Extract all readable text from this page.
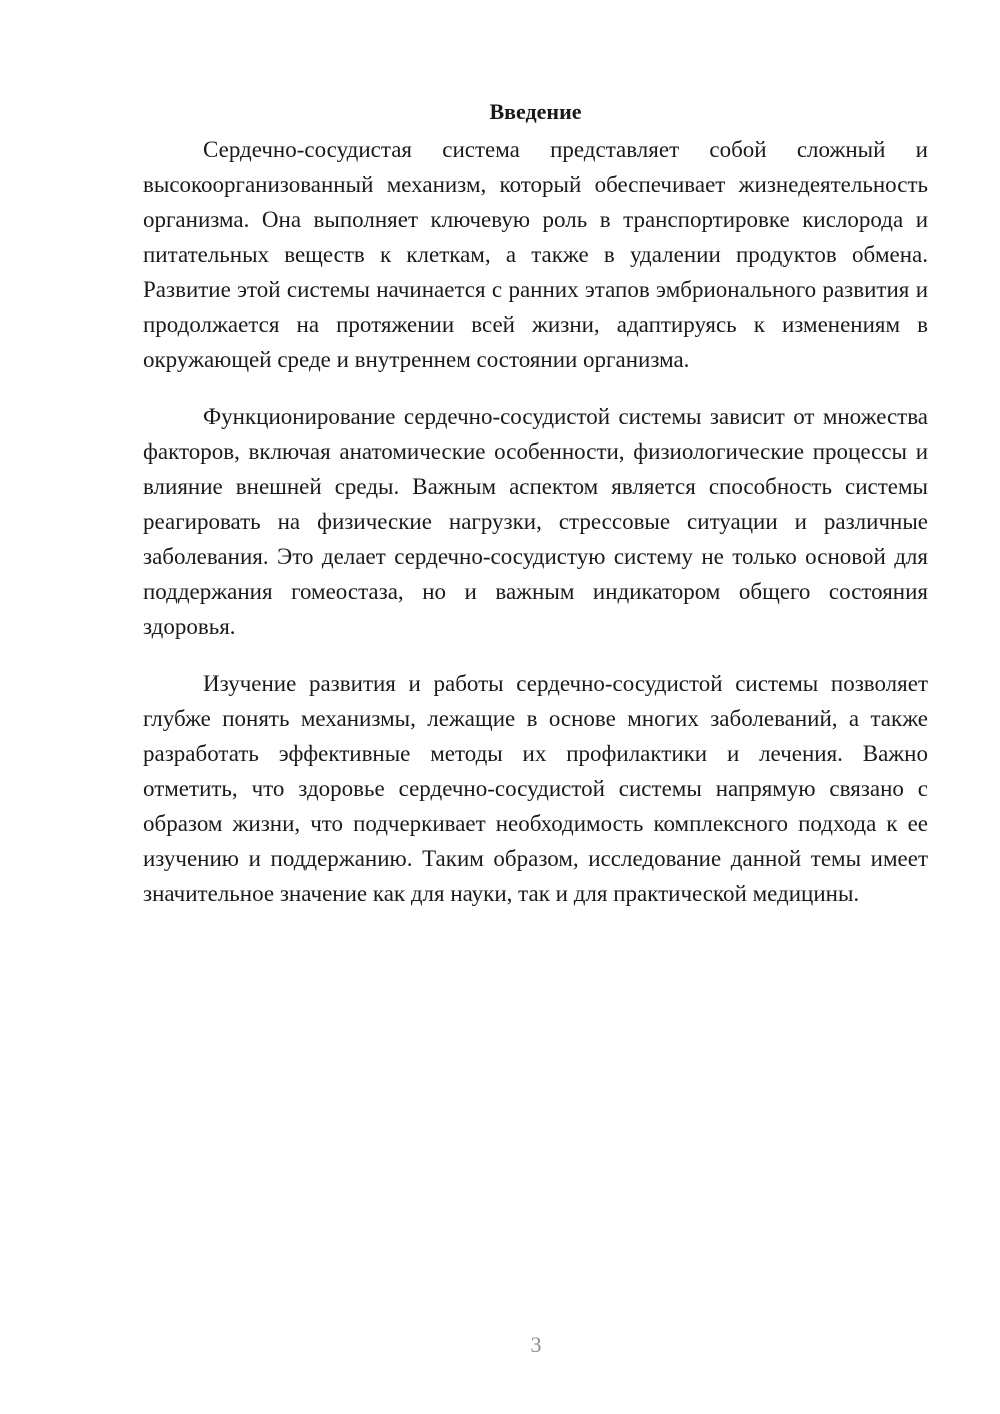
Введение

Сердечно-сосудистая система представляет собой сложный и высокоорганизованный механизм, который обеспечивает жизнедеятельность организма. Она выполняет ключевую роль в транспортировке кислорода и питательных веществ к клеткам, а также в удалении продуктов обмена. Развитие этой системы начинается с ранних этапов эмбрионального развития и продолжается на протяжении всей жизни, адаптируясь к изменениям в окружающей среде и внутреннем состоянии организма.

Функционирование сердечно-сосудистой системы зависит от множества факторов, включая анатомические особенности, физиологические процессы и влияние внешней среды. Важным аспектом является способность системы реагировать на физические нагрузки, стрессовые ситуации и различные заболевания. Это делает сердечно-сосудистую систему не только основой для поддержания гомеостаза, но и важным индикатором общего состояния здоровья.

Изучение развития и работы сердечно-сосудистой системы позволяет глубже понять механизмы, лежащие в основе многих заболеваний, а также разработать эффективные методы их профилактики и лечения. Важно отметить, что здоровье сердечно-сосудистой системы напрямую связано с образом жизни, что подчеркивает необходимость комплексного подхода к ее изучению и поддержанию. Таким образом, исследование данной темы имеет значительное значение как для науки, так и для практической медицины.

3
